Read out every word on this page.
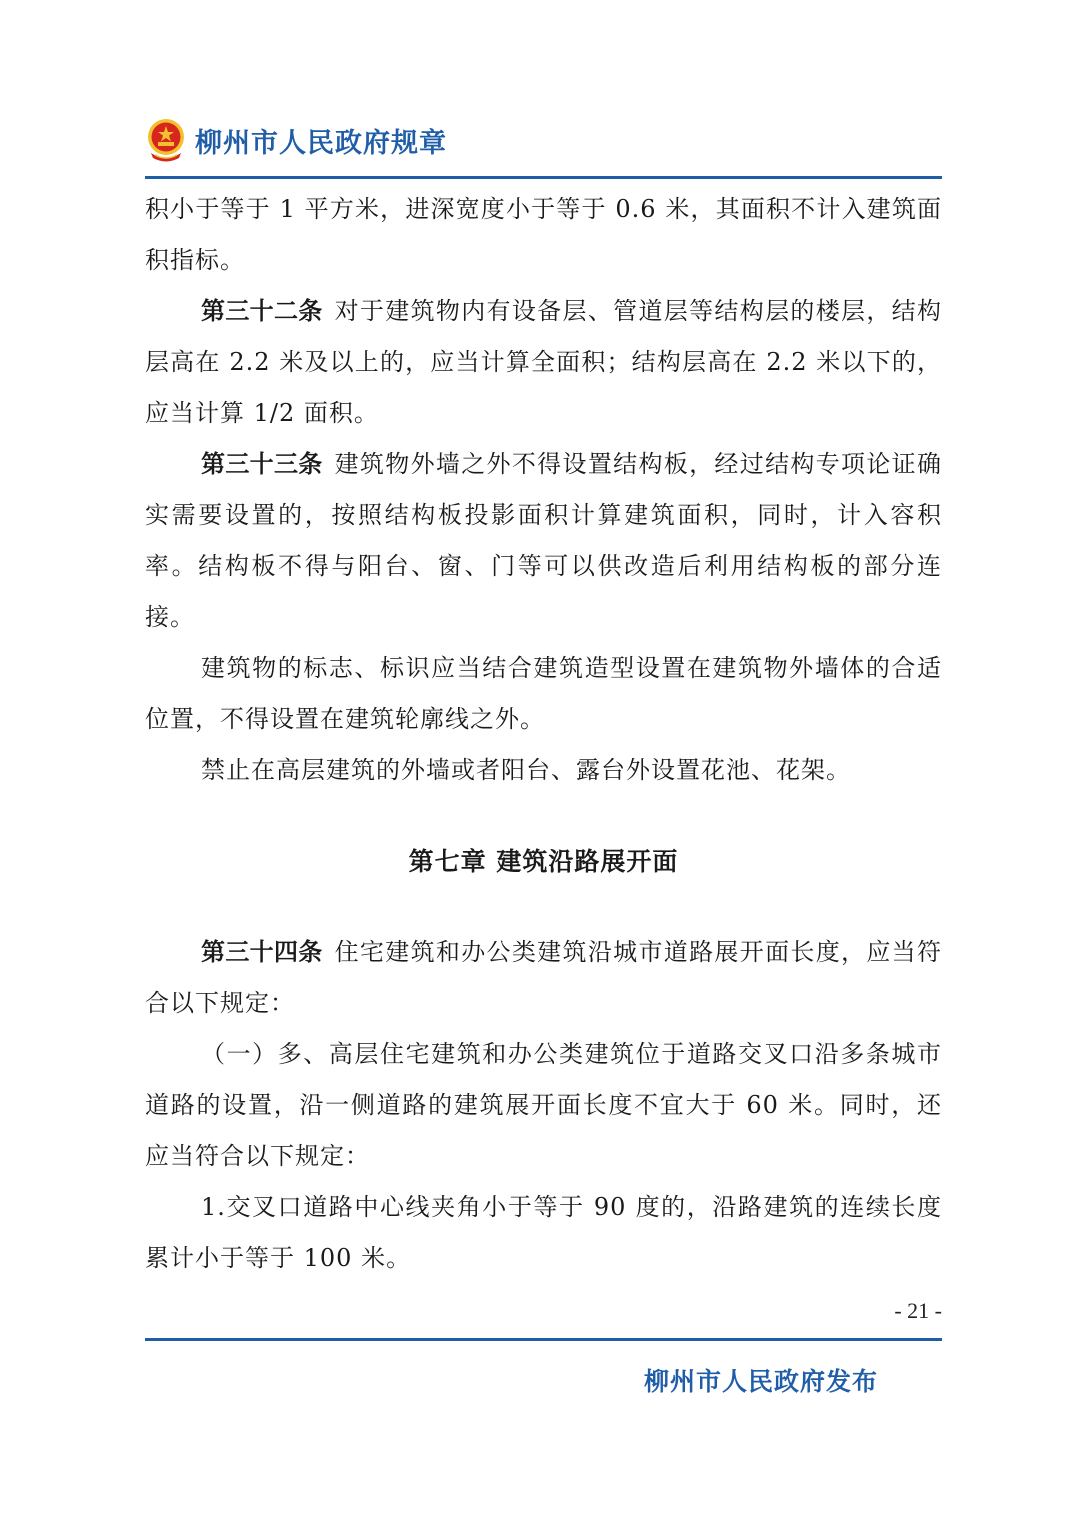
柳州市人民政府规章

积小于等于 1 平方米，进深宽度小于等于 0.6 米，其面积不计入建筑面积指标。

第三十二条 对于建筑物内有设备层、管道层等结构层的楼层，结构层高在 2.2 米及以上的，应当计算全面积；结构层高在 2.2 米以下的，应当计算 1/2 面积。

第三十三条 建筑物外墙之外不得设置结构板，经过结构专项论证确实需要设置的，按照结构板投影面积计算建筑面积，同时，计入容积率。结构板不得与阳台、窗、门等可以供改造后利用结构板的部分连接。

建筑物的标志、标识应当结合建筑造型设置在建筑物外墙体的合适位置，不得设置在建筑轮廓线之外。

禁止在高层建筑的外墙或者阳台、露台外设置花池、花架。

第七章 建筑沿路展开面

第三十四条 住宅建筑和办公类建筑沿城市道路展开面长度，应当符合以下规定：

（一）多、高层住宅建筑和办公类建筑位于道路交叉口沿多条城市道路的设置，沿一侧道路的建筑展开面长度不宜大于 60 米。同时，还应当符合以下规定：

1.交叉口道路中心线夹角小于等于 90 度的，沿路建筑的连续长度累计小于等于 100 米。

- 21 -
柳州市人民政府发布
